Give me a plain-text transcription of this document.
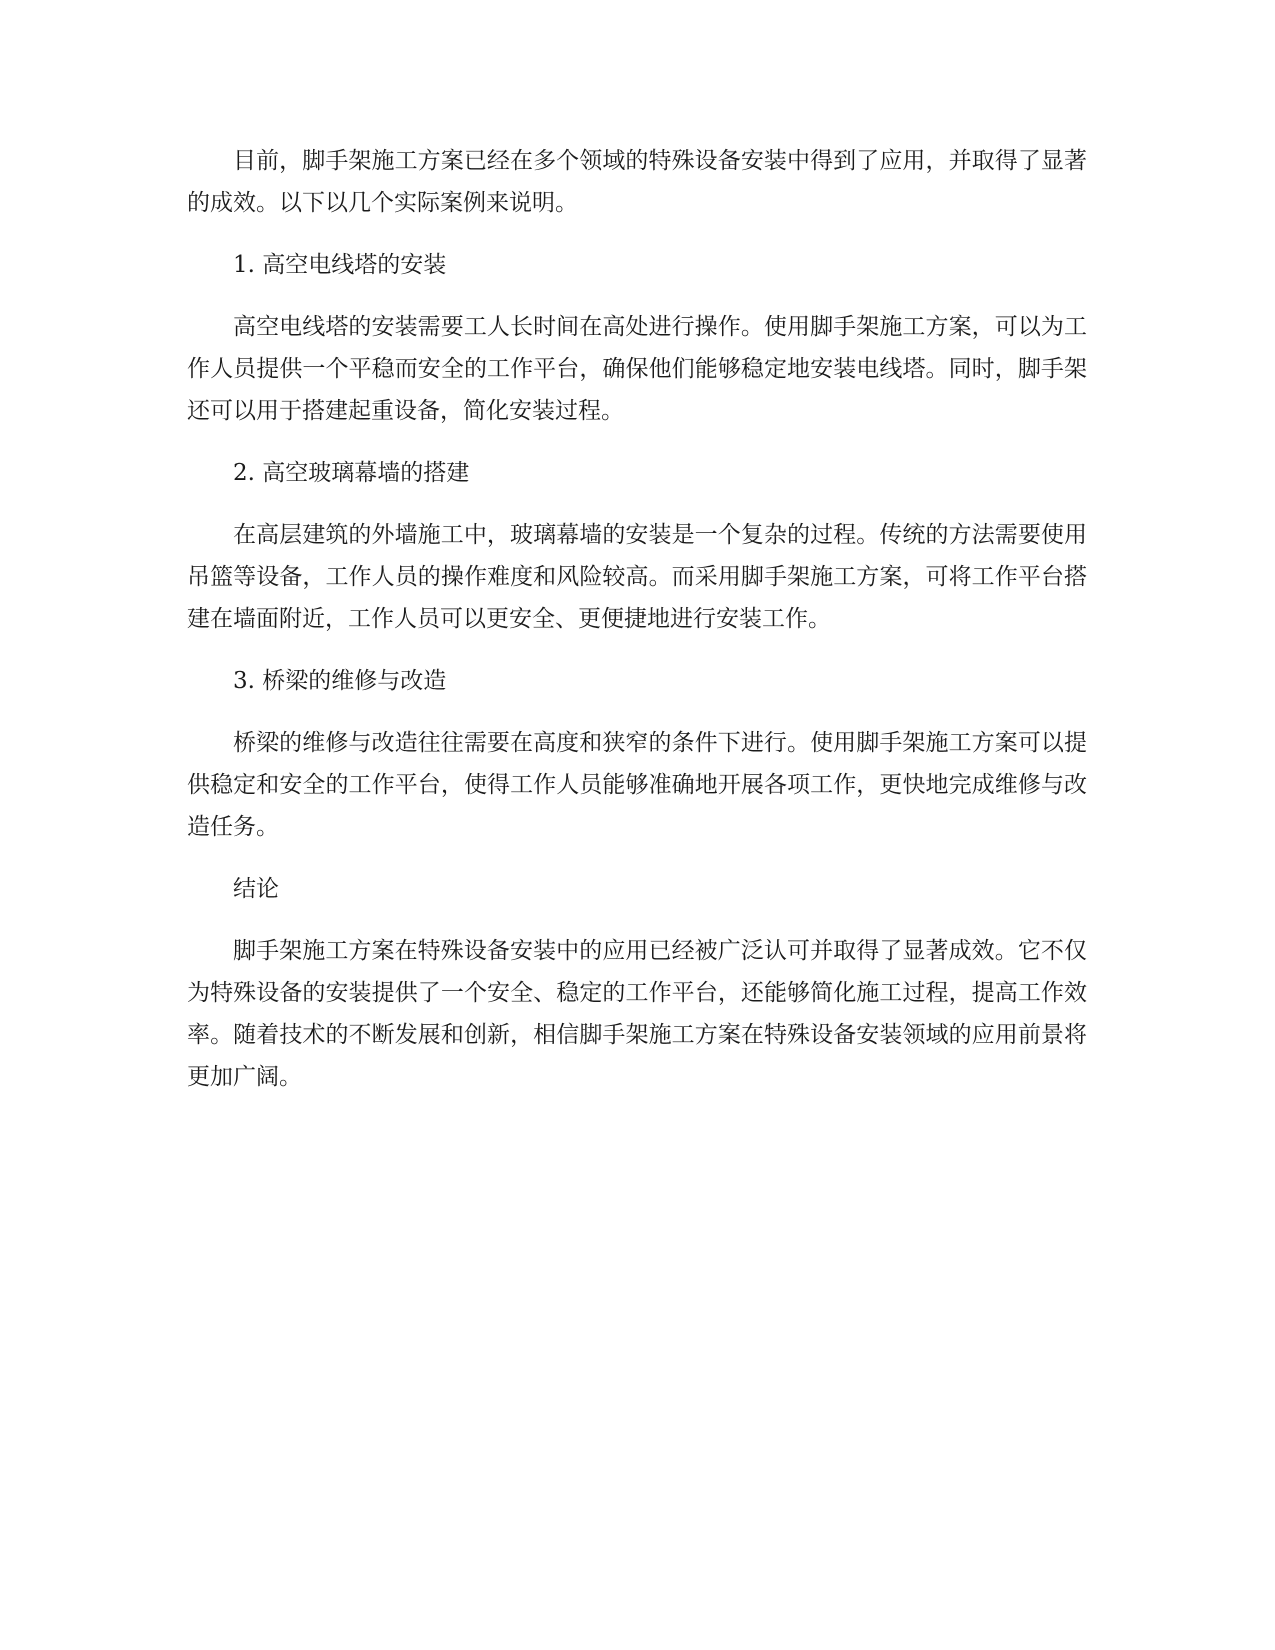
目前，脚手架施工方案已经在多个领域的特殊设备安装中得到了应用，并取得了显著的成效。以下以几个实际案例来说明。

1. 高空电线塔的安装

高空电线塔的安装需要工人长时间在高处进行操作。使用脚手架施工方案，可以为工作人员提供一个平稳而安全的工作平台，确保他们能够稳定地安装电线塔。同时，脚手架还可以用于搭建起重设备，简化安装过程。

2. 高空玻璃幕墙的搭建

在高层建筑的外墙施工中，玻璃幕墙的安装是一个复杂的过程。传统的方法需要使用吊篮等设备，工作人员的操作难度和风险较高。而采用脚手架施工方案，可将工作平台搭建在墙面附近，工作人员可以更安全、更便捷地进行安装工作。

3. 桥梁的维修与改造

桥梁的维修与改造往往需要在高度和狭窄的条件下进行。使用脚手架施工方案可以提供稳定和安全的工作平台，使得工作人员能够准确地开展各项工作，更快地完成维修与改造任务。

结论

脚手架施工方案在特殊设备安装中的应用已经被广泛认可并取得了显著成效。它不仅为特殊设备的安装提供了一个安全、稳定的工作平台，还能够简化施工过程，提高工作效率。随着技术的不断发展和创新，相信脚手架施工方案在特殊设备安装领域的应用前景将更加广阔。
